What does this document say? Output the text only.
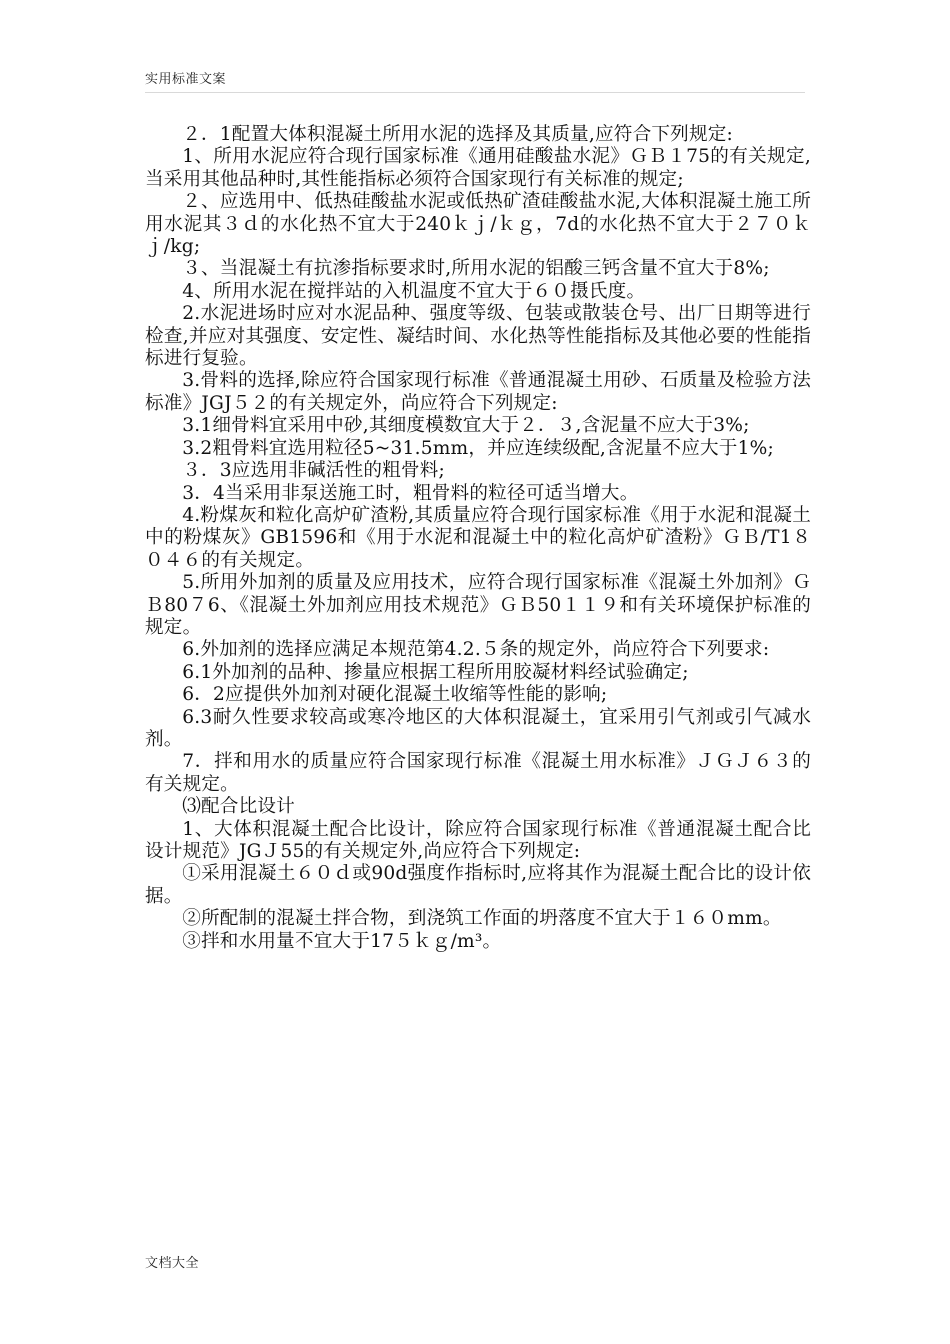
实用标准文案

２．1配置大体积混凝土所用水泥的选择及其质量,应符合下列规定:

1、所用水泥应符合现行国家标准《通用硅酸盐水泥》ＧＢ１75的有关规定,当采用其他品种时,其性能指标必须符合国家现行有关标准的规定;

２、应选用中、低热硅酸盐水泥或低热矿渣硅酸盐水泥,大体积混凝土施工所用水泥其３ｄ的水化热不宜大于240ｋｊ/ｋｇ，7d的水化热不宜大于２７０ｋｊ/kg;

３、当混凝土有抗渗指标要求时,所用水泥的铝酸三钙含量不宜大于8%;

4、所用水泥在搅拌站的入机温度不宜大于６０摄氏度。

2.水泥进场时应对水泥品种、强度等级、包装或散装仓号、出厂日期等进行检查,并应对其强度、安定性、凝结时间、水化热等性能指标及其他必要的性能指标进行复验。

3.骨料的选择,除应符合国家现行标准《普通混凝土用砂、石质量及检验方法标准》JGJ５２的有关规定外，尚应符合下列规定:

3.1细骨料宜采用中砂,其细度模数宜大于２．３,含泥量不应大于3%;

3.2粗骨料宜选用粒径5~31.5mm，并应连续级配,含泥量不应大于1%;

３．3应选用非碱活性的粗骨料;

3．4当采用非泵送施工时，粗骨料的粒径可适当增大。

4.粉煤灰和粒化高炉矿渣粉,其质量应符合现行国家标准《用于水泥和混凝土中的粉煤灰》GB1596和《用于水泥和混凝土中的粒化高炉矿渣粉》ＧＢ/T1８０４６的有关规定。

5.所用外加剂的质量及应用技术，应符合现行国家标准《混凝土外加剂》ＧＢ80７6、《混凝土外加剂应用技术规范》ＧＢ50１１９和有关环境保护标准的规定。

6.外加剂的选择应满足本规范第4.2.５条的规定外，尚应符合下列要求:

6.1外加剂的品种、掺量应根据工程所用胶凝材料经试验确定;

6．2应提供外加剂对硬化混凝土收缩等性能的影响;

6.3耐久性要求较高或寒冷地区的大体积混凝土，宜采用引气剂或引气减水剂。

7．拌和用水的质量应符合国家现行标准《混凝土用水标准》ＪＧＪ６３的有关规定。

⑶配合比设计

1、大体积混凝土配合比设计，除应符合国家现行标准《普通混凝土配合比设计规范》JGＪ55的有关规定外,尚应符合下列规定:

①采用混凝土６０ｄ或90d强度作指标时,应将其作为混凝土配合比的设计依据。

②所配制的混凝土拌合物，到浇筑工作面的坍落度不宜大于１６０mm。

③拌和水用量不宜大于17５ｋｇ/m³。

文档大全
